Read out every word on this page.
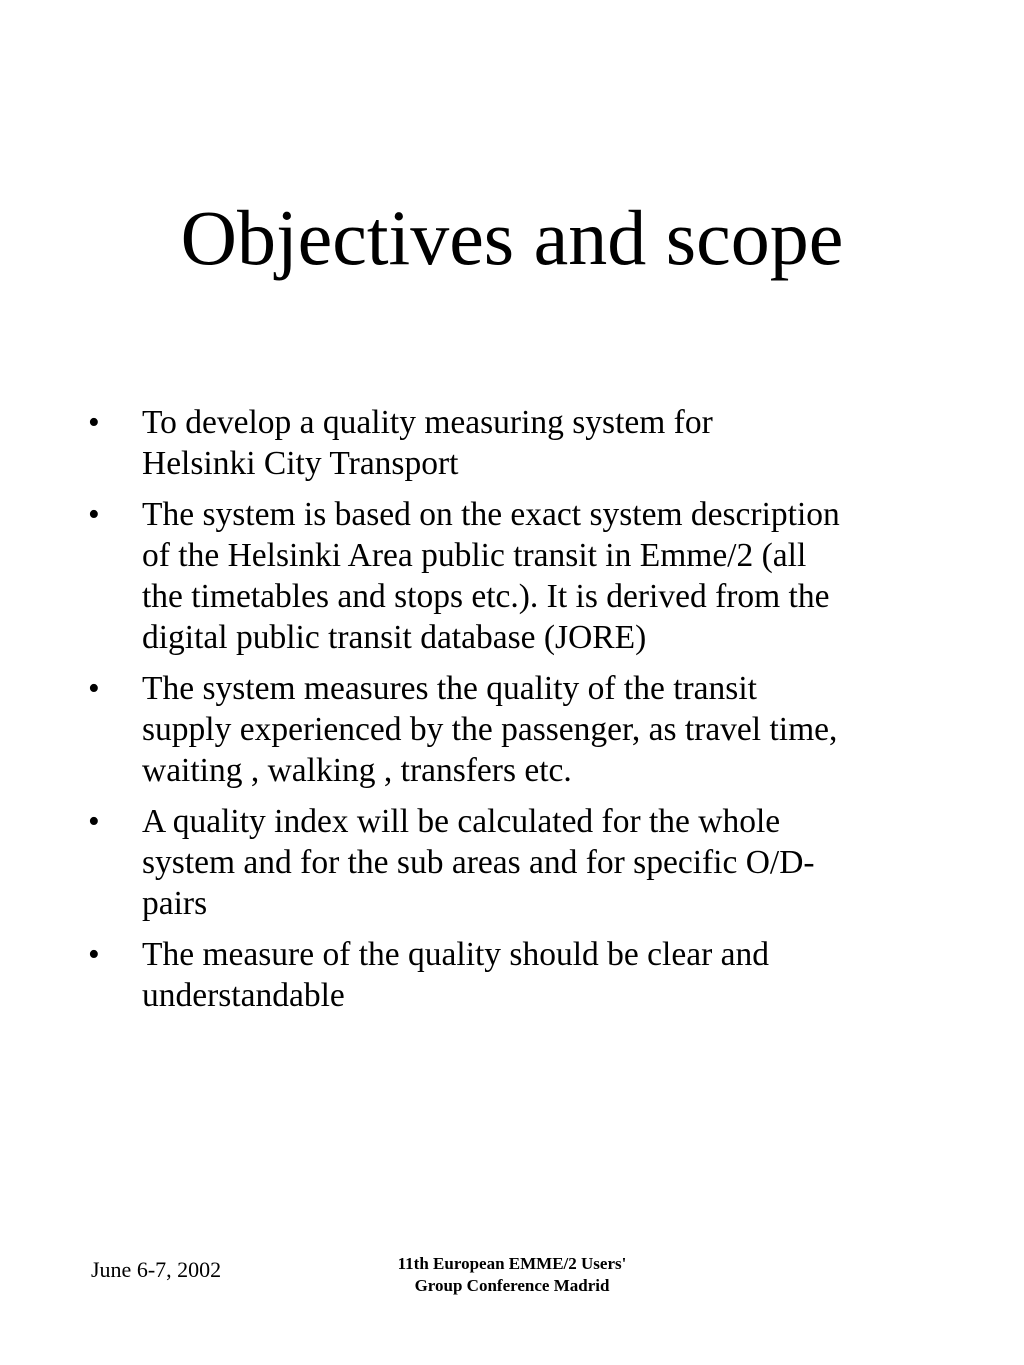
Objectives and scope
• To develop a quality measuring system for
Helsinki City Transport
• The system is based on the exact system description
of the Helsinki Area public transit in Emme/2 (all
the timetables and stops etc.). It is derived from the
digital public transit database (JORE)
• The system measures the quality of the transit
supply experienced by the passenger, as travel time,
waiting , walking , transfers etc.
• A quality index will be calculated for the whole
system and for the sub areas and for specific O/D-
pairs
• The measure of the quality should be clear and
understandable
June 6-7, 2002	11th European EMME/2 Users'
Group Conference Madrid
